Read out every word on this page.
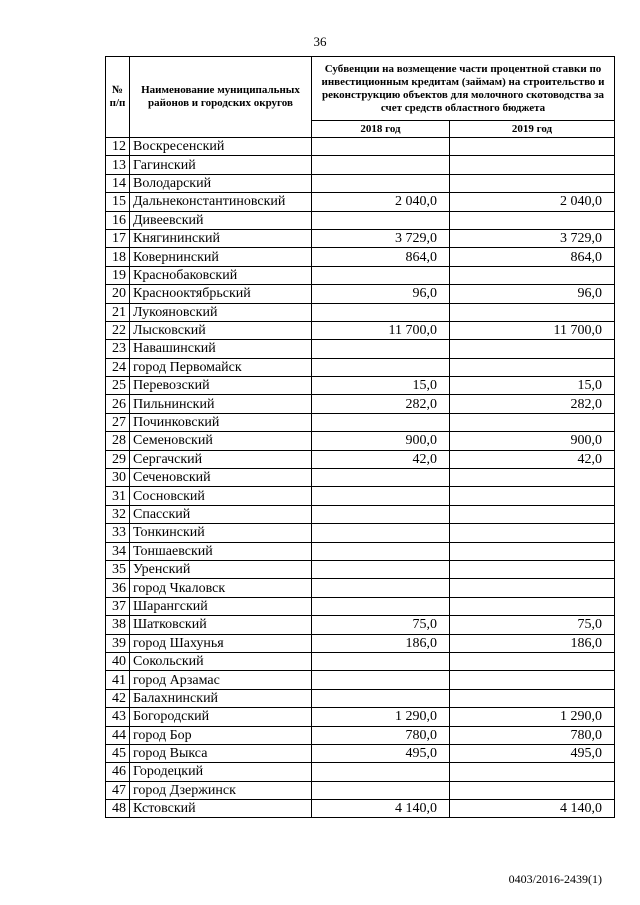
36
№ п/п	Наименование муниципальных районов и городских округов	Субвенции на возмещение части процентной ставки по инвестиционным кредитам (займам) на строительство и реконструкцию объектов для молочного скотоводства за счет средств областного бюджета	
		2018 год	2019 год
12	Воскресенский		
13	Гагинский		
14	Володарский		
15	Дальнеконстантиновский	2 040,0	2 040,0
16	Дивеевский		
17	Княгининский	3 729,0	3 729,0
18	Ковернинский	864,0	864,0
19	Краснобаковский		
20	Краснооктябрьский	96,0	96,0
21	Лукояновский		
22	Лысковский	11 700,0	11 700,0
23	Навашинский		
24	город Первомайск		
25	Перевозский	15,0	15,0
26	Пильнинский	282,0	282,0
27	Починковский		
28	Семеновский	900,0	900,0
29	Сергачский	42,0	42,0
30	Сеченовский		
31	Сосновский		
32	Спасский		
33	Тонкинский		
34	Тоншаевский		
35	Уренский		
36	город Чкаловск		
37	Шарангский		
38	Шатковский	75,0	75,0
39	город Шахунья	186,0	186,0
40	Сокольский		
41	город Арзамас		
42	Балахнинский		
43	Богородский	1 290,0	1 290,0
44	город Бор	780,0	780,0
45	город Выкса	495,0	495,0
46	Городецкий		
47	город Дзержинск		
48	Кстовский	4 140,0	4 140,0
0403/2016-2439(1)
